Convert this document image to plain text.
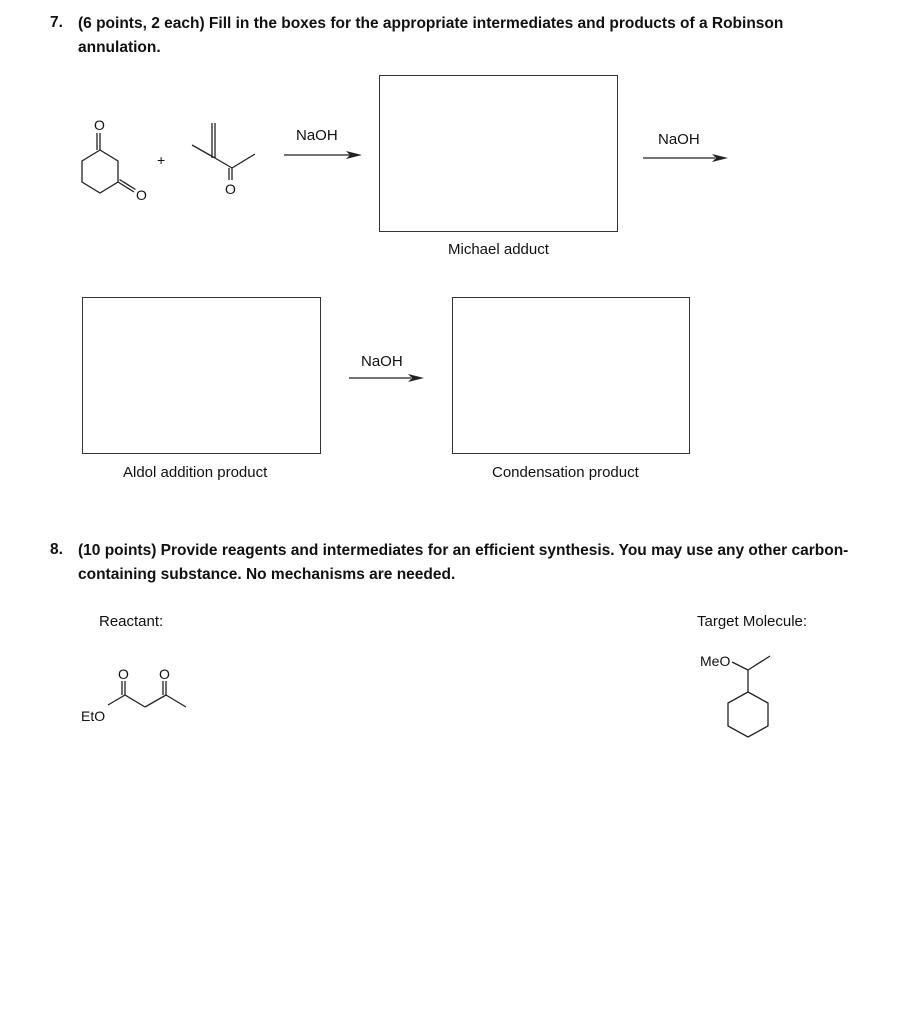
7. (6 points, 2 each) Fill in the boxes for the appropriate intermediates and products of a Robinson annulation.
O
O	O
+
NaOH
Michael adduct
NaOH
Aldol addition product
NaOH
Condensation product
8. (10 points) Provide reagents and intermediates for an efficient synthesis. You may use any other carbon-containing substance. No mechanisms are needed.
Reactant:	Target Molecule:
O O
EtO
MeO
